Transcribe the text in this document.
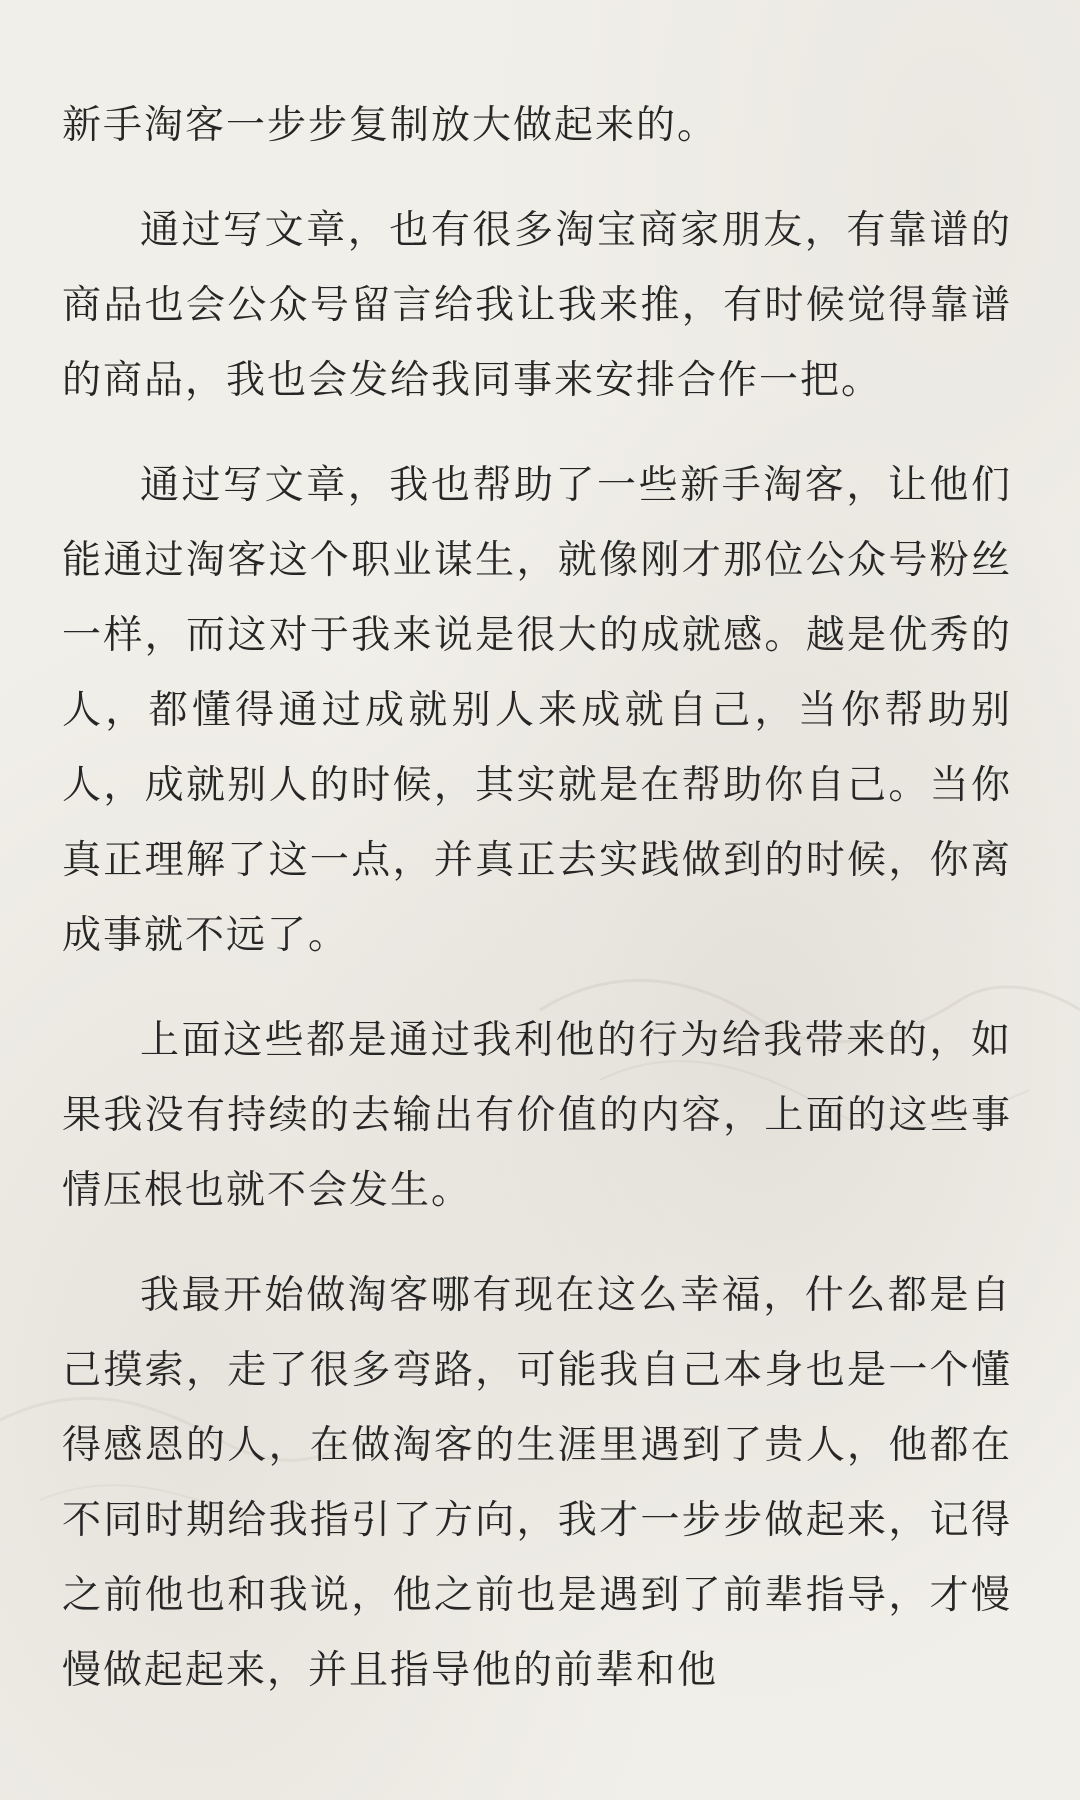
新手淘客一步步复制放大做起来的。

通过写文章，也有很多淘宝商家朋友，有靠谱的商品也会公众号留言给我让我来推，有时候觉得靠谱的商品，我也会发给我同事来安排合作一把。

通过写文章，我也帮助了一些新手淘客，让他们能通过淘客这个职业谋生，就像刚才那位公众号粉丝一样，而这对于我来说是很大的成就感。越是优秀的人，都懂得通过成就别人来成就自己，当你帮助别人，成就别人的时候，其实就是在帮助你自己。当你真正理解了这一点，并真正去实践做到的时候，你离成事就不远了。

上面这些都是通过我利他的行为给我带来的，如果我没有持续的去输出有价值的内容，上面的这些事情压根也就不会发生。

我最开始做淘客哪有现在这么幸福，什么都是自己摸索，走了很多弯路，可能我自己本身也是一个懂得感恩的人，在做淘客的生涯里遇到了贵人，他都在不同时期给我指引了方向，我才一步步做起来，记得之前他也和我说，他之前也是遇到了前辈指导，才慢慢做起起来，并且指导他的前辈和他
